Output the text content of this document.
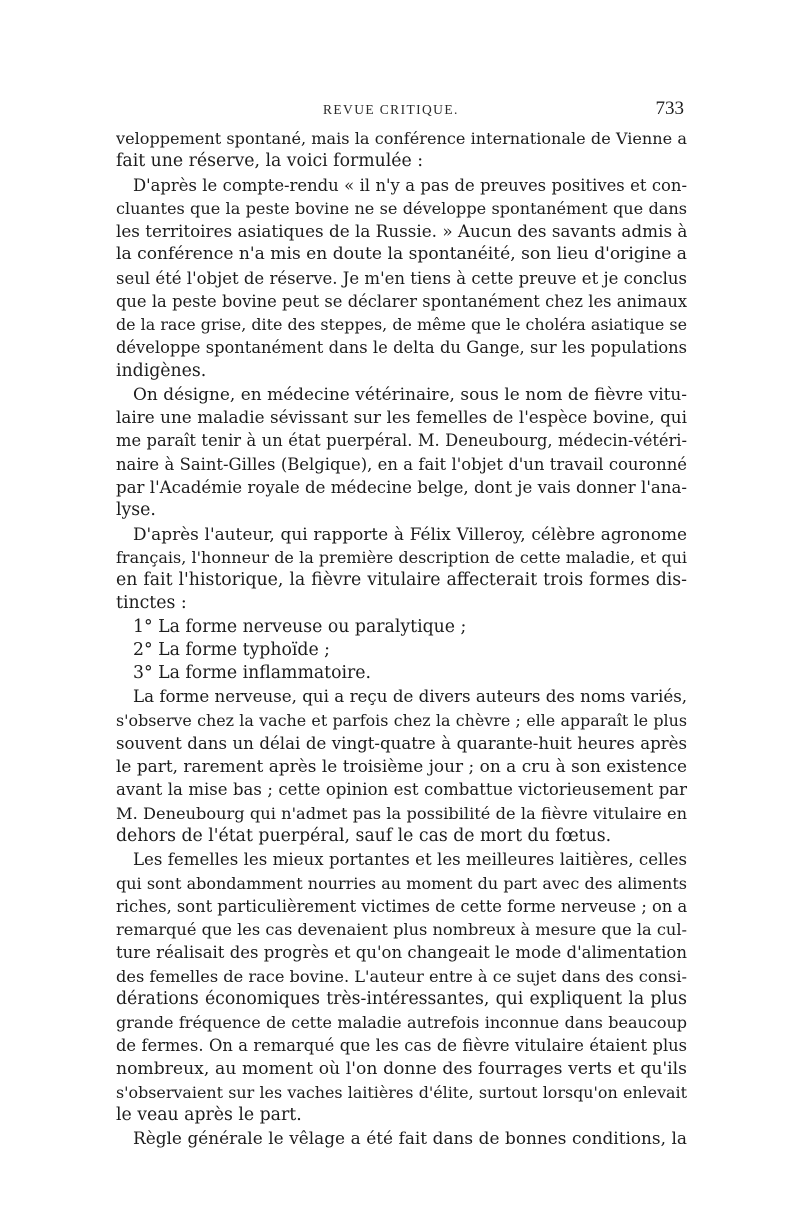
REVUE CRITIQUE.	733
veloppement spontané, mais la conférence internationale de Vienne a
fait une réserve, la voici formulée :
D'après le compte-rendu « il n'y a pas de preuves positives et con-
cluantes que la peste bovine ne se développe spontanément que dans
les territoires asiatiques de la Russie. » Aucun des savants admis à
la conférence n'a mis en doute la spontanéité, son lieu d'origine a
seul été l'objet de réserve. Je m'en tiens à cette preuve et je conclus
que la peste bovine peut se déclarer spontanément chez les animaux
de la race grise, dite des steppes, de même que le choléra asiatique se
développe spontanément dans le delta du Gange, sur les populations
indigènes.
On désigne, en médecine vétérinaire, sous le nom de fièvre vitu-
laire une maladie sévissant sur les femelles de l'espèce bovine, qui
me paraît tenir à un état puerpéral. M. Deneubourg, médecin-vétéri-
naire à Saint-Gilles (Belgique), en a fait l'objet d'un travail couronné
par l'Académie royale de médecine belge, dont je vais donner l'ana-
lyse.
D'après l'auteur, qui rapporte à Félix Villeroy, célèbre agronome
français, l'honneur de la première description de cette maladie, et qui
en fait l'historique, la fièvre vitulaire affecterait trois formes dis-
tinctes :
1° La forme nerveuse ou paralytique ;
2° La forme typhoïde ;
3° La forme inflammatoire.
La forme nerveuse, qui a reçu de divers auteurs des noms variés,
s'observe chez la vache et parfois chez la chèvre ; elle apparaît le plus
souvent dans un délai de vingt-quatre à quarante-huit heures après
le part, rarement après le troisième jour ; on a cru à son existence
avant la mise bas ; cette opinion est combattue victorieusement par
M. Deneubourg qui n'admet pas la possibilité de la fièvre vitulaire en
dehors de l'état puerpéral, sauf le cas de mort du fœtus.
Les femelles les mieux portantes et les meilleures laitières, celles
qui sont abondamment nourries au moment du part avec des aliments
riches, sont particulièrement victimes de cette forme nerveuse ; on a
remarqué que les cas devenaient plus nombreux à mesure que la cul-
ture réalisait des progrès et qu'on changeait le mode d'alimentation
des femelles de race bovine. L'auteur entre à ce sujet dans des consi-
dérations économiques très-intéressantes, qui expliquent la plus
grande fréquence de cette maladie autrefois inconnue dans beaucoup
de fermes. On a remarqué que les cas de fièvre vitulaire étaient plus
nombreux, au moment où l'on donne des fourrages verts et qu'ils
s'observaient sur les vaches laitières d'élite, surtout lorsqu'on enlevait
le veau après le part.
Règle générale le vêlage a été fait dans de bonnes conditions, la
